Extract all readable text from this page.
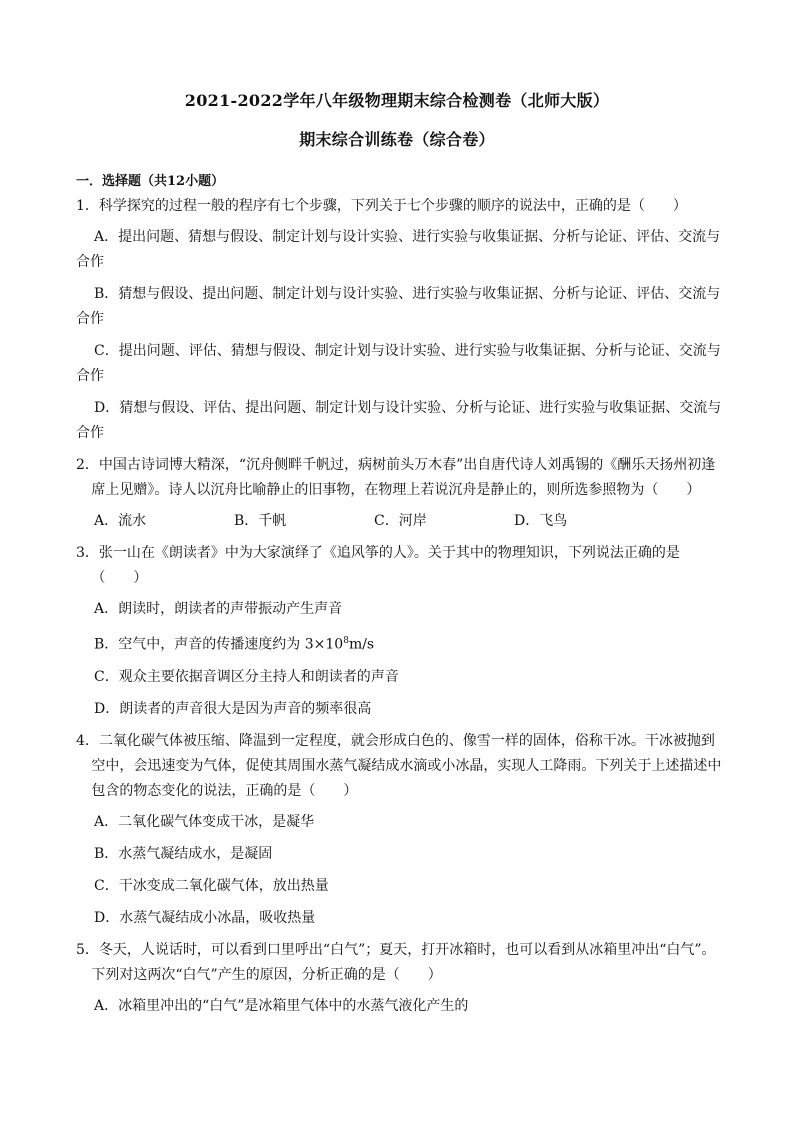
2021-2022学年八年级物理期末综合检测卷（北师大版）
期末综合训练卷（综合卷）
一．选择题（共12小题）

1．科学探究的过程一般的程序有七个步骤，下列关于七个步骤的顺序的说法中，正确的是（　　）

A．提出问题、猜想与假设、制定计划与设计实验、进行实验与收集证据、分析与论证、评估、交流与合作

B．猜想与假设、提出问题、制定计划与设计实验、进行实验与收集证据、分析与论证、评估、交流与合作

C．提出问题、评估、猜想与假设、制定计划与设计实验、进行实验与收集证据、分析与论证、交流与合作

D．猜想与假设、评估、提出问题、制定计划与设计实验、分析与论证、进行实验与收集证据、交流与合作

2．中国古诗词博大精深，“沉舟侧畔千帆过，病树前头万木春”出自唐代诗人刘禹锡的《酬乐天扬州初逢席上见赠》。诗人以沉舟比喻静止的旧事物，在物理上若说沉舟是静止的，则所选参照物为（　　）

A．流水	B．千帆	C．河岸	D．飞鸟

3．张一山在《朗读者》中为大家演绎了《追风筝的人》。关于其中的物理知识，下列说法正确的是（　　）

A．朗读时，朗读者的声带振动产生声音

B．空气中，声音的传播速度约为 $3\times 10^8m/s$

C．观众主要依据音调区分主持人和朗读者的声音

D．朗读者的声音很大是因为声音的频率很高

4．二氧化碳气体被压缩、降温到一定程度，就会形成白色的、像雪一样的固体，俗称干冰。干冰被抛到空中，会迅速变为气体，促使其周围水蒸气凝结成水滴或小冰晶，实现人工降雨。下列关于上述描述中包含的物态变化的说法，正确的是（　　）

A．二氧化碳气体变成干冰，是凝华

B．水蒸气凝结成水，是凝固

C．干冰变成二氧化碳气体，放出热量

D．水蒸气凝结成小冰晶，吸收热量

5．冬天，人说话时，可以看到口里呼出“白气”；夏天，打开冰箱时，也可以看到从冰箱里冲出“白气”。下列对这两次“白气”产生的原因，分析正确的是（　　）

A．冰箱里冲出的“白气”是冰箱里气体中的水蒸气液化产生的
